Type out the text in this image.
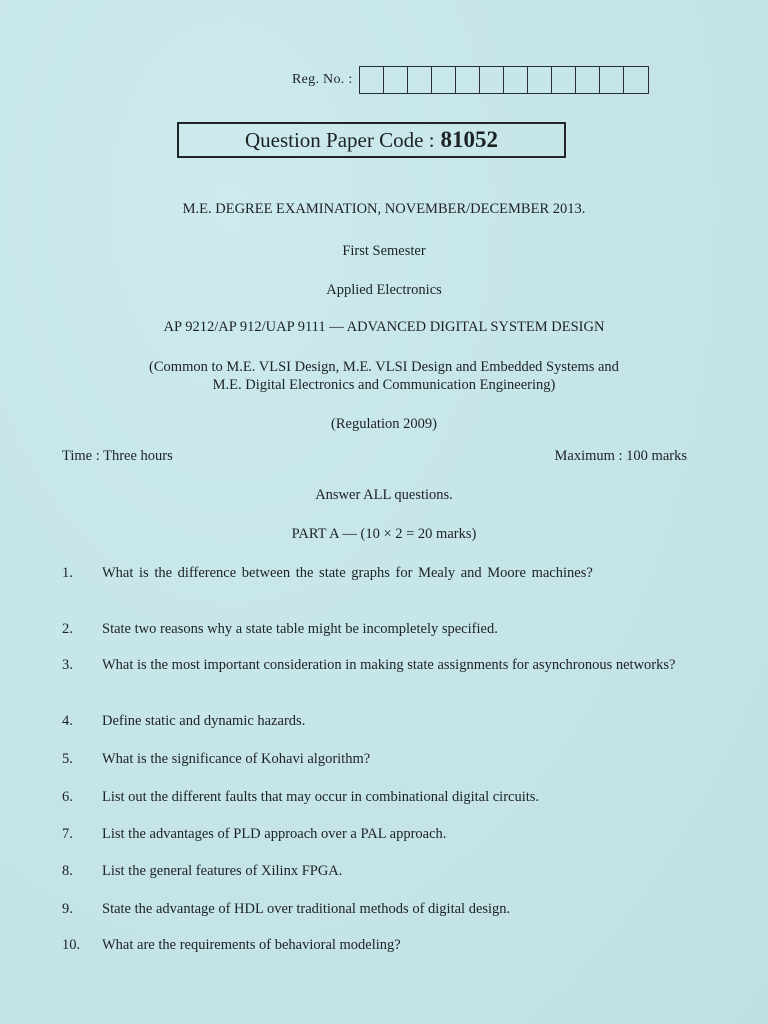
Reg. No. :
Question Paper Code : 81052
M.E. DEGREE EXAMINATION, NOVEMBER/DECEMBER 2013.
First Semester
Applied Electronics
AP 9212/AP 912/UAP 9111 — ADVANCED DIGITAL SYSTEM DESIGN
(Common to M.E. VLSI Design, M.E. VLSI Design and Embedded Systems and
M.E. Digital Electronics and Communication Engineering)
(Regulation 2009)
Time : Three hours	Maximum : 100 marks
Answer ALL questions.
PART A — (10 × 2 = 20 marks)
1.	What is the difference between the state graphs for Mealy and Moore machines?
2.	State two reasons why a state table might be incompletely specified.
3.	What is the most important consideration in making state assignments for asynchronous networks?
4.	Define static and dynamic hazards.
5.	What is the significance of Kohavi algorithm?
6.	List out the different faults that may occur in combinational digital circuits.
7.	List the advantages of PLD approach over a PAL approach.
8.	List the general features of Xilinx FPGA.
9.	State the advantage of HDL over traditional methods of digital design.
10.	What are the requirements of behavioral modeling?
